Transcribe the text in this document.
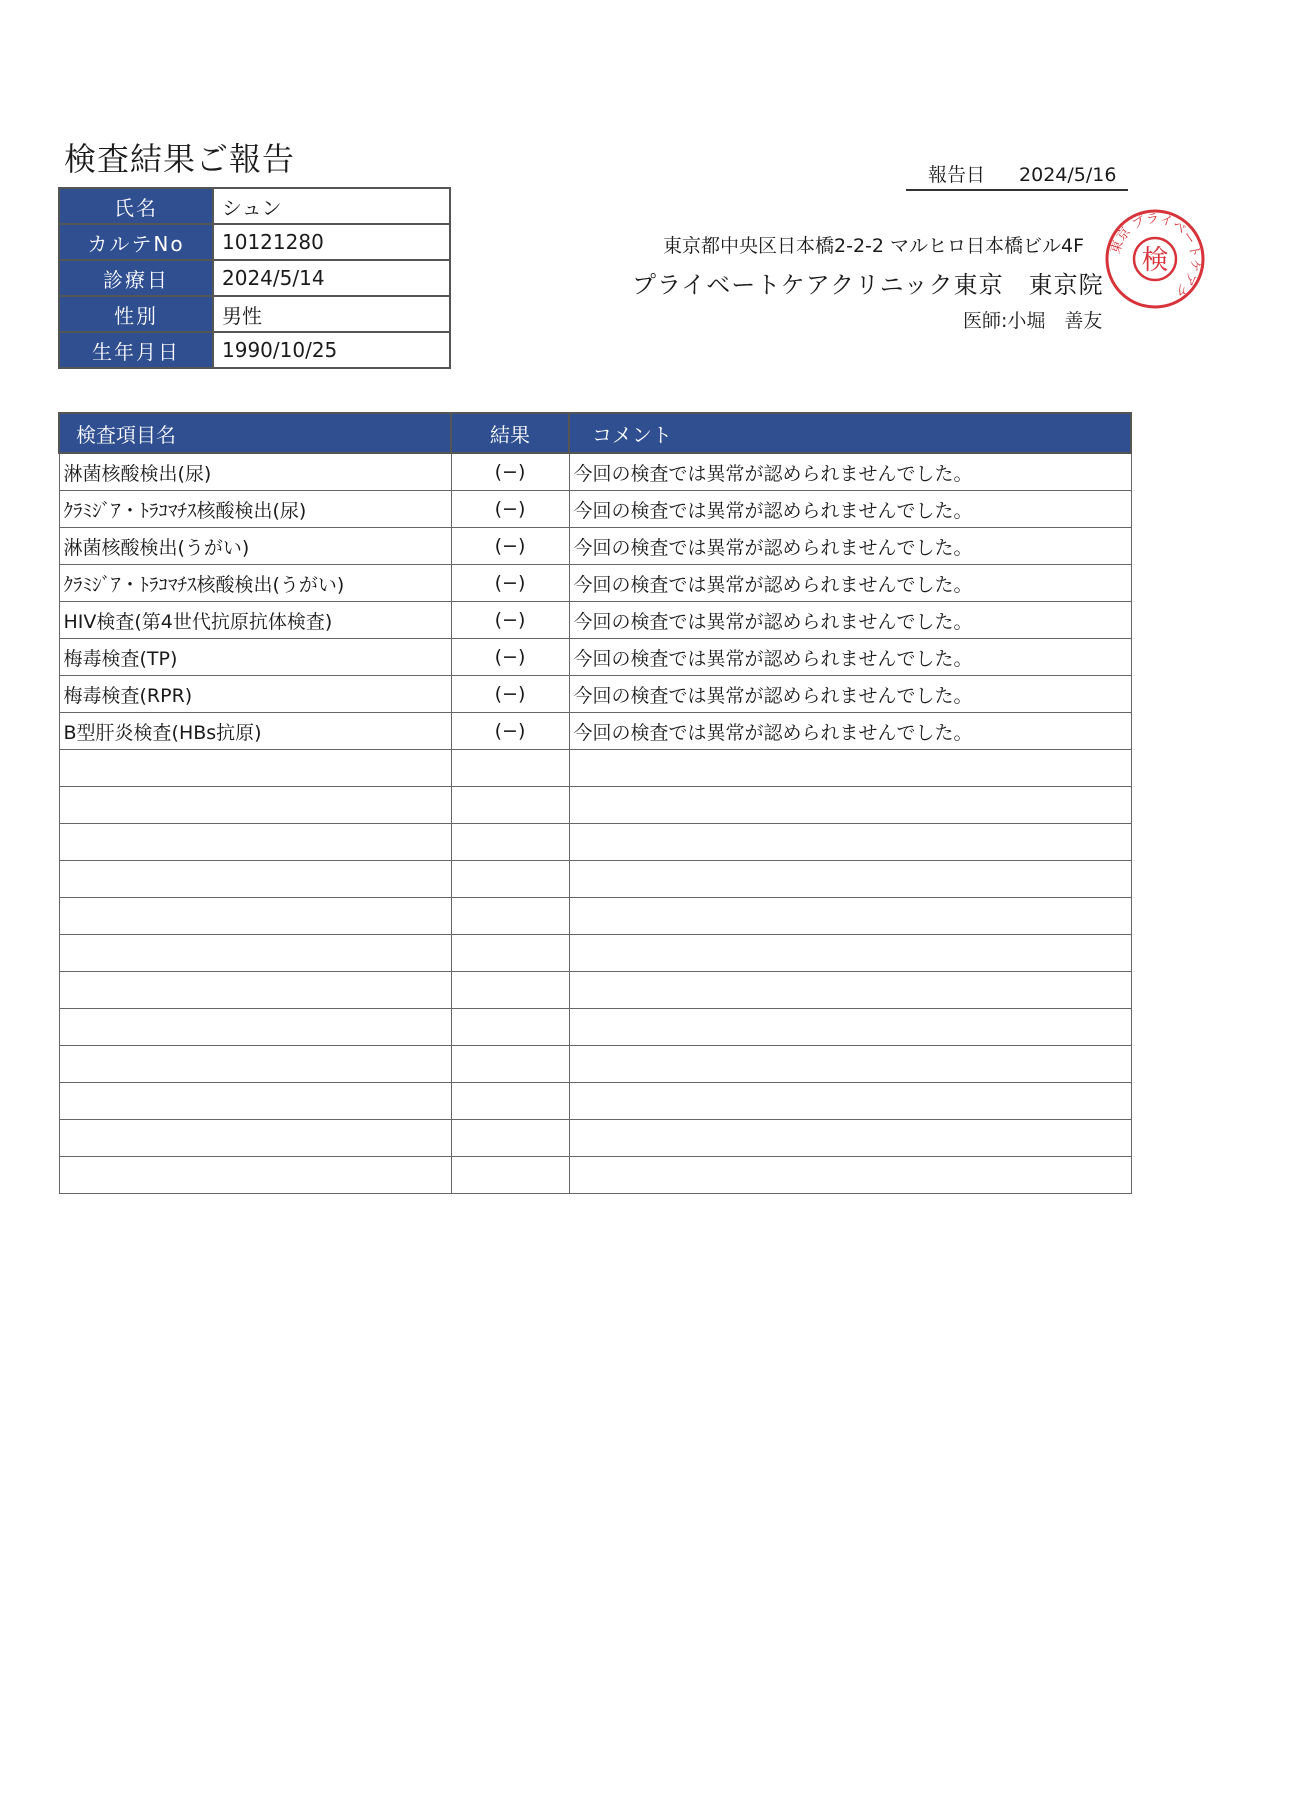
検査結果ご報告	報告日 2024/5/16
氏名	シュン
カルテNo	10121280
診療日	2024/5/14
性別	男性
生年月日	1990/10/25
東京都中央区日本橋2-2-2 マルヒロ日本橋ビル4F
プライベートケアクリニック東京　東京院
医師:小堀　善友
東京 プライベートケアク
検
検査項目名	結果	コメント
淋菌核酸検出(尿)	(−)	今回の検査では異常が認められませんでした。
ｸﾗﾐｼﾞｱ・ﾄﾗｺﾏﾁｽ核酸検出(尿)	(−)	今回の検査では異常が認められませんでした。
淋菌核酸検出(うがい)	(−)	今回の検査では異常が認められませんでした。
ｸﾗﾐｼﾞｱ・ﾄﾗｺﾏﾁｽ核酸検出(うがい)	(−)	今回の検査では異常が認められませんでした。
HIV検査(第4世代抗原抗体検査)	(−)	今回の検査では異常が認められませんでした。
梅毒検査(TP)	(−)	今回の検査では異常が認められませんでした。
梅毒検査(RPR)	(−)	今回の検査では異常が認められませんでした。
B型肝炎検査(HBs抗原)	(−)	今回の検査では異常が認められませんでした。
